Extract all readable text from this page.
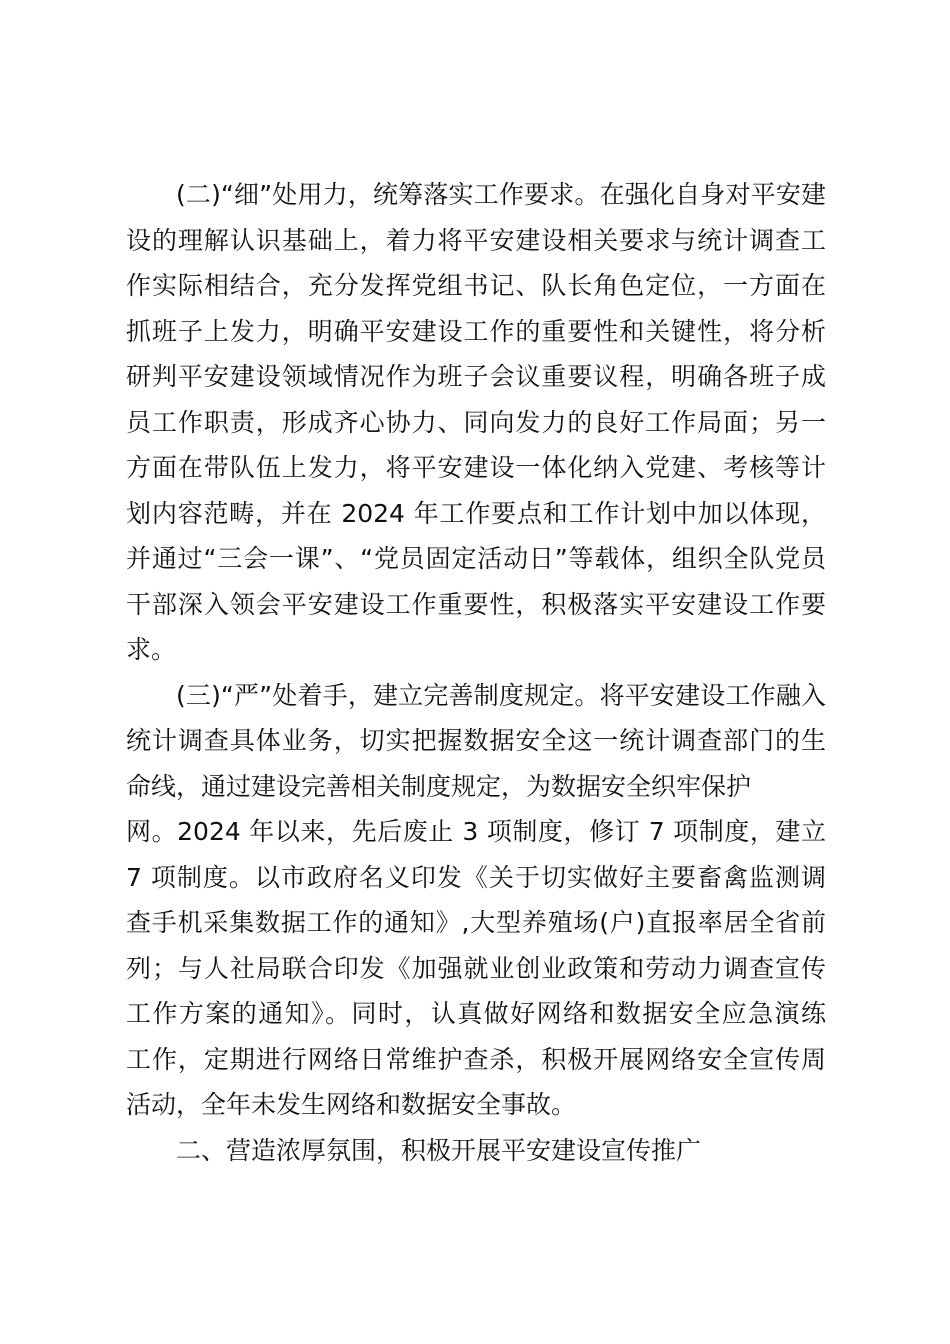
(二)“细”处用力，统筹落实工作要求。在强化自身对平安建
设的理解认识基础上，着力将平安建设相关要求与统计调查工
作实际相结合，充分发挥党组书记、队长角色定位，一方面在
抓班子上发力，明确平安建设工作的重要性和关键性，将分析
研判平安建设领域情况作为班子会议重要议程，明确各班子成
员工作职责，形成齐心协力、同向发力的良好工作局面；另一
方面在带队伍上发力，将平安建设一体化纳入党建、考核等计
划内容范畴，并在 2024 年工作要点和工作计划中加以体现，
并通过“三会一课”、“党员固定活动日”等载体，组织全队党员
干部深入领会平安建设工作重要性，积极落实平安建设工作要
求。
(三)“严”处着手，建立完善制度规定。将平安建设工作融入
统计调查具体业务，切实把握数据安全这一统计调查部门的生
命线，通过建设完善相关制度规定，为数据安全织牢保护
网。2024 年以来，先后废止 3 项制度，修订 7 项制度，建立
7 项制度。以市政府名义印发《关于切实做好主要畜禽监测调
查手机采集数据工作的通知》,大型养殖场(户)直报率居全省前
列；与人社局联合印发《加强就业创业政策和劳动力调查宣传
工作方案的通知》。同时，认真做好网络和数据安全应急演练
工作，定期进行网络日常维护查杀，积极开展网络安全宣传周
活动，全年未发生网络和数据安全事故。
二、营造浓厚氛围，积极开展平安建设宣传推广
